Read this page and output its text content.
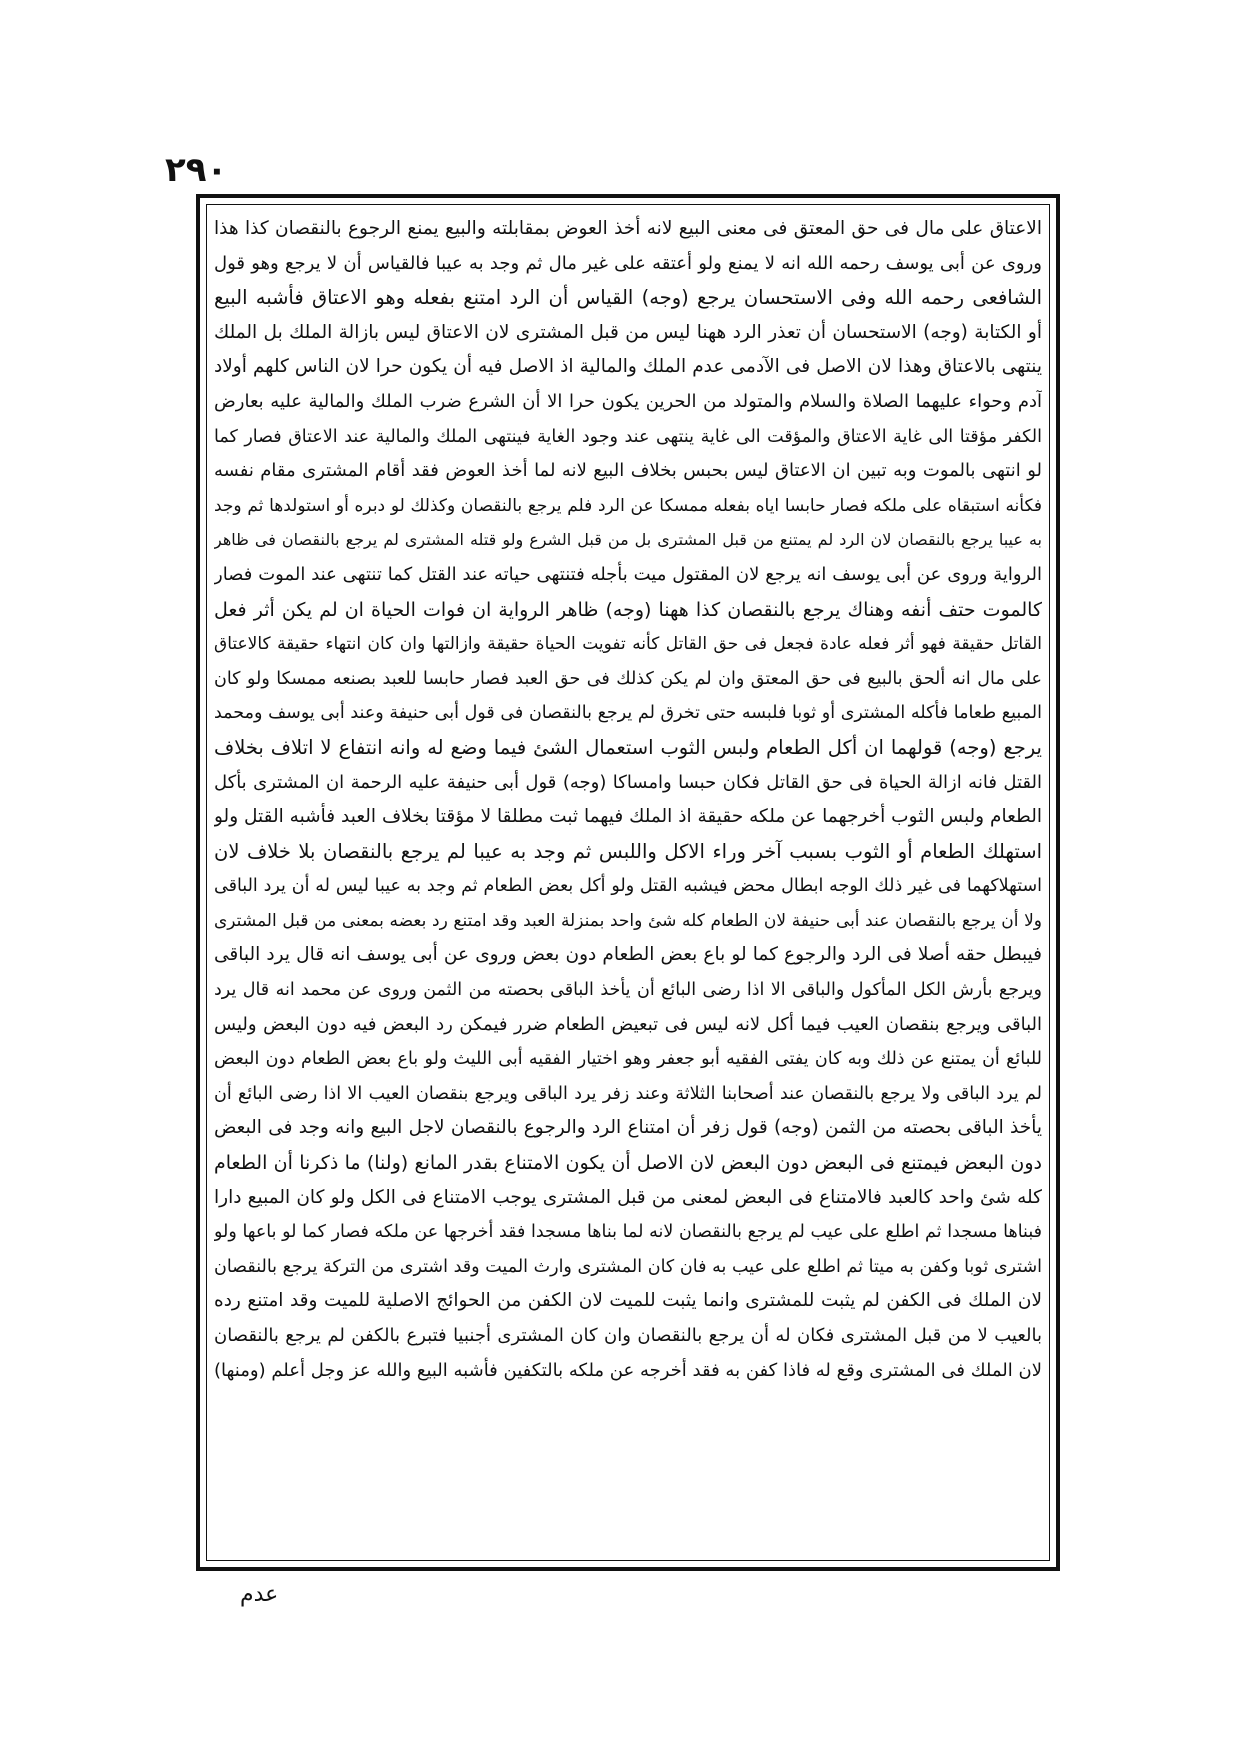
٢٩٠
الاعتاق على مال فى حق المعتق فى معنى البيع لانه أخذ العوض بمقابلته والبيع يمنع الرجوع بالنقصان كذا هذا
وروى عن أبى يوسف رحمه الله انه لا يمنع ولو أعتقه على غير مال ثم وجد به عيبا فالقياس أن لا يرجع وهو قول
الشافعى رحمه الله وفى الاستحسان يرجع (وجه) القياس أن الرد امتنع بفعله وهو الاعتاق فأشبه البيع
أو الكتابة (وجه) الاستحسان أن تعذر الرد ههنا ليس من قبل المشترى لان الاعتاق ليس بازالة الملك بل الملك
ينتهى بالاعتاق وهذا لان الاصل فى الآدمى عدم الملك والمالية اذ الاصل فيه أن يكون حرا لان الناس كلهم أولاد
آدم وحواء عليهما الصلاة والسلام والمتولد من الحرين يكون حرا الا أن الشرع ضرب الملك والمالية عليه بعارض
الكفر مؤقتا الى غاية الاعتاق والمؤقت الى غاية ينتهى عند وجود الغاية فينتهى الملك والمالية عند الاعتاق فصار كما
لو انتهى بالموت وبه تبين ان الاعتاق ليس بحبس بخلاف البيع لانه لما أخذ العوض فقد أقام المشترى مقام نفسه
فكأنه استبقاه على ملكه فصار حابسا اياه بفعله ممسكا عن الرد فلم يرجع بالنقصان وكذلك لو دبره أو استولدها ثم وجد
به عيبا يرجع بالنقصان لان الرد لم يمتنع من قبل المشترى بل من قبل الشرع ولو قتله المشترى لم يرجع بالنقصان فى ظاهر
الرواية وروى عن أبى يوسف انه يرجع لان المقتول ميت بأجله فتنتهى حياته عند القتل كما تنتهى عند الموت فصار
كالموت حتف أنفه وهناك يرجع بالنقصان كذا ههنا (وجه) ظاهر الرواية ان فوات الحياة ان لم يكن أثر فعل
القاتل حقيقة فهو أثر فعله عادة فجعل فى حق القاتل كأنه تفويت الحياة حقيقة وازالتها وان كان انتهاء حقيقة كالاعتاق
على مال انه ألحق بالبيع فى حق المعتق وان لم يكن كذلك فى حق العبد فصار حابسا للعبد بصنعه ممسكا ولو كان
المبيع طعاما فأكله المشترى أو ثوبا فلبسه حتى تخرق لم يرجع بالنقصان فى قول أبى حنيفة وعند أبى يوسف ومحمد
يرجع (وجه) قولهما ان أكل الطعام ولبس الثوب استعمال الشئ فيما وضع له وانه انتفاع لا اتلاف بخلاف
القتل فانه ازالة الحياة فى حق القاتل فكان حبسا وامساكا (وجه) قول أبى حنيفة عليه الرحمة ان المشترى بأكل
الطعام ولبس الثوب أخرجهما عن ملكه حقيقة اذ الملك فيهما ثبت مطلقا لا مؤقتا بخلاف العبد فأشبه القتل ولو
استهلك الطعام أو الثوب بسبب آخر وراء الاكل واللبس ثم وجد به عيبا لم يرجع بالنقصان بلا خلاف لان
استهلاكهما فى غير ذلك الوجه ابطال محض فيشبه القتل ولو أكل بعض الطعام ثم وجد به عيبا ليس له أن يرد الباقى
ولا أن يرجع بالنقصان عند أبى حنيفة لان الطعام كله شئ واحد بمنزلة العبد وقد امتنع رد بعضه بمعنى من قبل المشترى
فيبطل حقه أصلا فى الرد والرجوع كما لو باع بعض الطعام دون بعض وروى عن أبى يوسف انه قال يرد الباقى
ويرجع بأرش الكل المأكول والباقى الا اذا رضى البائع أن يأخذ الباقى بحصته من الثمن وروى عن محمد انه قال يرد
الباقى ويرجع بنقصان العيب فيما أكل لانه ليس فى تبعيض الطعام ضرر فيمكن رد البعض فيه دون البعض وليس
للبائع أن يمتنع عن ذلك وبه كان يفتى الفقيه أبو جعفر وهو اختيار الفقيه أبى الليث ولو باع بعض الطعام دون البعض
لم يرد الباقى ولا يرجع بالنقصان عند أصحابنا الثلاثة وعند زفر يرد الباقى ويرجع بنقصان العيب الا اذا رضى البائع أن
يأخذ الباقى بحصته من الثمن (وجه) قول زفر أن امتناع الرد والرجوع بالنقصان لاجل البيع وانه وجد فى البعض
دون البعض فيمتنع فى البعض دون البعض لان الاصل أن يكون الامتناع بقدر المانع (ولنا) ما ذكرنا أن الطعام
كله شئ واحد كالعبد فالامتناع فى البعض لمعنى من قبل المشترى يوجب الامتناع فى الكل ولو كان المبيع دارا
فبناها مسجدا ثم اطلع على عيب لم يرجع بالنقصان لانه لما بناها مسجدا فقد أخرجها عن ملكه فصار كما لو باعها ولو
اشترى ثوبا وكفن به ميتا ثم اطلع على عيب به فان كان المشترى وارث الميت وقد اشترى من التركة يرجع بالنقصان
لان الملك فى الكفن لم يثبت للمشترى وانما يثبت للميت لان الكفن من الحوائج الاصلية للميت وقد امتنع رده
بالعيب لا من قبل المشترى فكان له أن يرجع بالنقصان وان كان المشترى أجنبيا فتبرع بالكفن لم يرجع بالنقصان
لان الملك فى المشترى وقع له فاذا كفن به فقد أخرجه عن ملكه بالتكفين فأشبه البيع والله عز وجل أعلم (ومنها)
عدم
